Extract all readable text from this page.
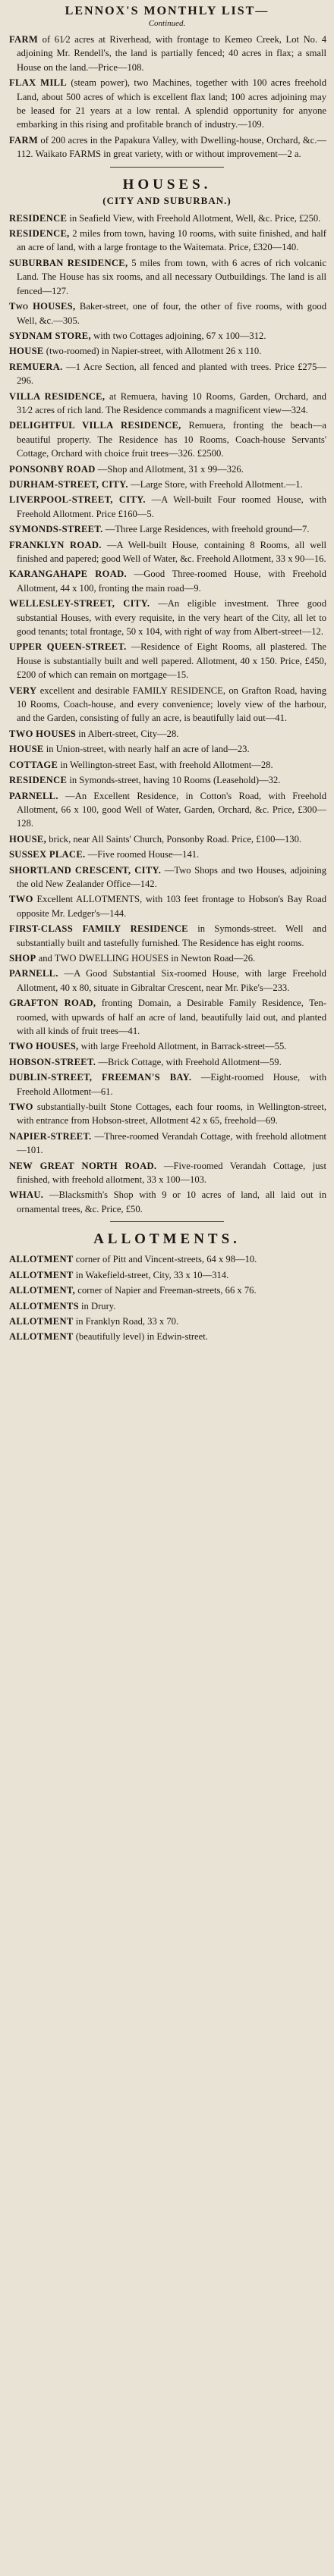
LENNOX'S MONTHLY LIST—
Continued.

FARM of 61⁄2 acres at Riverhead, with frontage to Kemeo Creek, Lot No. 4 adjoining Mr. Rendell's, the land is partially fenced; 40 acres in flax; a small House on the land.—Price—108.

FLAX MILL (steam power), two Machines, together with 100 acres freehold Land, about 500 acres of which is excellent flax land; 100 acres adjoining may be leased for 21 years at a low rental. A splendid opportunity for anyone embarking in this rising and profitable branch of industry.—109.

FARM of 200 acres in the Papakura Valley, with Dwelling-house, Orchard, &c.—112. Waikato FARMS in great variety, with or without improvement—2 a.

HOUSES.
(CITY AND SUBURBAN.)

RESIDENCE in Seafield View, with Freehold Allotment, Well, &c. Price, £250.

RESIDENCE, 2 miles from town, having 10 rooms, with suite finished, and half an acre of land, with a large frontage to the Waitemata. Price, £320—140.

SUBURBAN RESIDENCE, 5 miles from town, with 6 acres of rich volcanic Land. The House has six rooms, and all necessary Outbuildings. The land is all fenced—127.

Two HOUSES, Baker-street, one of four, the other of five rooms, with good Well, &c.—305.

SYDNAM STORE, with two Cottages adjoining, 67 x 100—312.

HOUSE (two-roomed) in Napier-street, with Allotment 26 x 110.

REMUERA. —1 Acre Section, all fenced and planted with trees. Price £275—296.

VILLA RESIDENCE, at Remuera, having 10 Rooms, Garden, Orchard, and 31⁄2 acres of rich land. The Residence commands a magnificent view—324.

DELIGHTFUL VILLA RESIDENCE, Remuera, fronting the beach—a beautiful property. The Residence has 10 Rooms, Coach-house Servants' Cottage, Orchard with choice fruit trees—326. £2500.

PONSONBY ROAD —Shop and Allotment, 31 x 99—326.

DURHAM-STREET, CITY. —Large Store, with Freehold Allotment.—1.

LIVERPOOL-STREET, CITY. —A Well-built Four roomed House, with Freehold Allotment. Price £160—5.

SYMONDS-STREET. —Three Large Residences, with freehold ground—7.

FRANKLYN ROAD. —A Well-built House, containing 8 Rooms, all well finished and papered; good Well of Water, &c. Freehold Allotment, 33 x 90—16.

KARANGAHAPE ROAD. —Good Three-roomed House, with Freehold Allotment, 44 x 100, fronting the main road—9.

WELLESLEY-STREET, CITY. —An eligible investment. Three good substantial Houses, with every requisite, in the very heart of the City, all let to good tenants; total frontage, 50 x 104, with right of way from Albert-street—12.

UPPER QUEEN-STREET. —Residence of Eight Rooms, all plastered. The House is substantially built and well papered. Allotment, 40 x 150. Price, £450, £200 of which can remain on mortgage—15.

VERY excellent and desirable FAMILY RESIDENCE, on Grafton Road, having 10 Rooms, Coach-house, and every convenience; lovely view of the harbour, and the Garden, consisting of fully an acre, is beautifully laid out—41.

TWO HOUSES in Albert-street, City—28.

HOUSE in Union-street, with nearly half an acre of land—23.

COTTAGE in Wellington-street East, with freehold Allotment—28.

RESIDENCE in Symonds-street, having 10 Rooms (Leasehold)—32.

PARNELL. —An Excellent Residence, in Cotton's Road, with Freehold Allotment, 66 x 100, good Well of Water, Garden, Orchard, &c. Price, £300—128.

HOUSE, brick, near All Saints' Church, Ponsonby Road. Price, £100—130.

SUSSEX PLACE. —Five roomed House—141.

SHORTLAND CRESCENT, CITY. —Two Shops and two Houses, adjoining the old New Zealander Office—142.

TWO Excellent ALLOTMENTS, with 103 feet frontage to Hobson's Bay Road opposite Mr. Ledger's—144.

FIRST-CLASS FAMILY RESIDENCE in Symonds-street. Well and substantially built and tastefully furnished. The Residence has eight rooms.

SHOP and TWO DWELLING HOUSES in Newton Road—26.

PARNELL. —A Good Substantial Six-roomed House, with large Freehold Allotment, 40 x 80, situate in Gibraltar Crescent, near Mr. Pike's—233.

GRAFTON ROAD, fronting Domain, a Desirable Family Residence, Ten-roomed, with upwards of half an acre of land, beautifully laid out, and planted with all kinds of fruit trees—41.

TWO HOUSES, with large Freehold Allotment, in Barrack-street—55.

HOBSON-STREET. —Brick Cottage, with Freehold Allotment—59.

DUBLIN-STREET, FREEMAN'S BAY. —Eight-roomed House, with Freehold Allotment—61.

TWO substantially-built Stone Cottages, each four rooms, in Wellington-street, with entrance from Hobson-street, Allotment 42 x 65, freehold—69.

NAPIER-STREET. —Three-roomed Verandah Cottage, with freehold allotment—101.

NEW GREAT NORTH ROAD. —Five-roomed Verandah Cottage, just finished, with freehold allotment, 33 x 100—103.

WHAU. —Blacksmith's Shop with 9 or 10 acres of land, all laid out in ornamental trees, &c. Price, £50.

ALLOTMENTS.

ALLOTMENT corner of Pitt and Vincent-streets, 64 x 98—10.

ALLOTMENT in Wakefield-street, City, 33 x 10—314.

ALLOTMENT, corner of Napier and Freeman-streets, 66 x 76.

ALLOTMENTS in Drury.

ALLOTMENT in Franklyn Road, 33 x 70.

ALLOTMENT (beautifully level) in Edwin-street.
